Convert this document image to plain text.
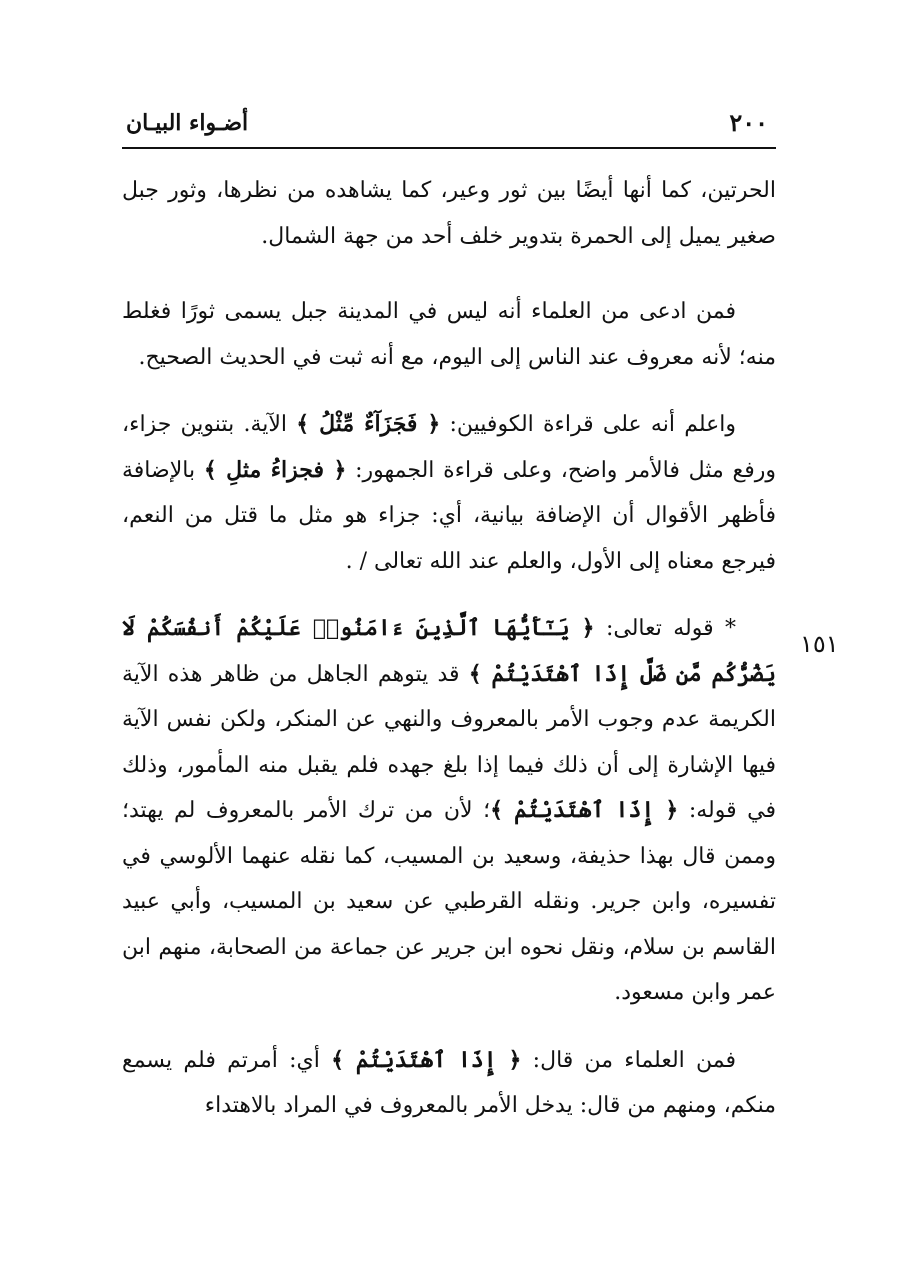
٢٠٠
أضـواء البيـان
١٥١

الحرتين، كما أنها أيضًا بين ثور وعير، كما يشاهده من نظرها، وثور جبل صغير يميل إلى الحمرة بتدوير خلف أحد من جهة الشمال.

فمن ادعى من العلماء أنه ليس في المدينة جبل يسمى ثورًا فغلط منه؛ لأنه معروف عند الناس إلى اليوم، مع أنه ثبت في الحديث الصحيح.

واعلم أنه على قراءة الكوفيين: ﴿ فَجَزَآءٌ مِّثْلُ ﴾ الآية. بتنوين جزاء، ورفع مثل فالأمر واضح، وعلى قراءة الجمهور: ﴿ فجزاءُ مثلِ ﴾ بالإضافة فأظهر الأقوال أن الإضافة بيانية، أي: جزاء هو مثل ما قتل من النعم، فيرجع معناه إلى الأول، والعلم عند الله تعالى / .

* قوله تعالى: ﴿ يَـٰٓأَيُّهَا ٱلَّذِينَ ءَامَنُوا۟ عَلَيْكُمْ أَنفُسَكُمْ لَا يَضُرُّكُم مَّن ضَلَّ إِذَا ٱهْتَدَيْتُمْ ﴾ قد يتوهم الجاهل من ظاهر هذه الآية الكريمة عدم وجوب الأمر بالمعروف والنهي عن المنكر، ولكن نفس الآية فيها الإشارة إلى أن ذلك فيما إذا بلغ جهده فلم يقبل منه المأمور، وذلك في قوله: ﴿ إِذَا ٱهْتَدَيْتُمْ ﴾؛ لأن من ترك الأمر بالمعروف لم يهتد؛ وممن قال بهذا حذيفة، وسعيد بن المسيب، كما نقله عنهما الألوسي في تفسيره، وابن جرير. ونقله القرطبي عن سعيد بن المسيب، وأبي عبيد القاسم بن سلام، ونقل نحوه ابن جرير عن جماعة من الصحابة، منهم ابن عمر وابن مسعود.

فمن العلماء من قال: ﴿ إِذَا ٱهْتَدَيْتُمْ ﴾ أي: أمرتم فلم يسمع منكم، ومنهم من قال: يدخل الأمر بالمعروف في المراد بالاهتداء
